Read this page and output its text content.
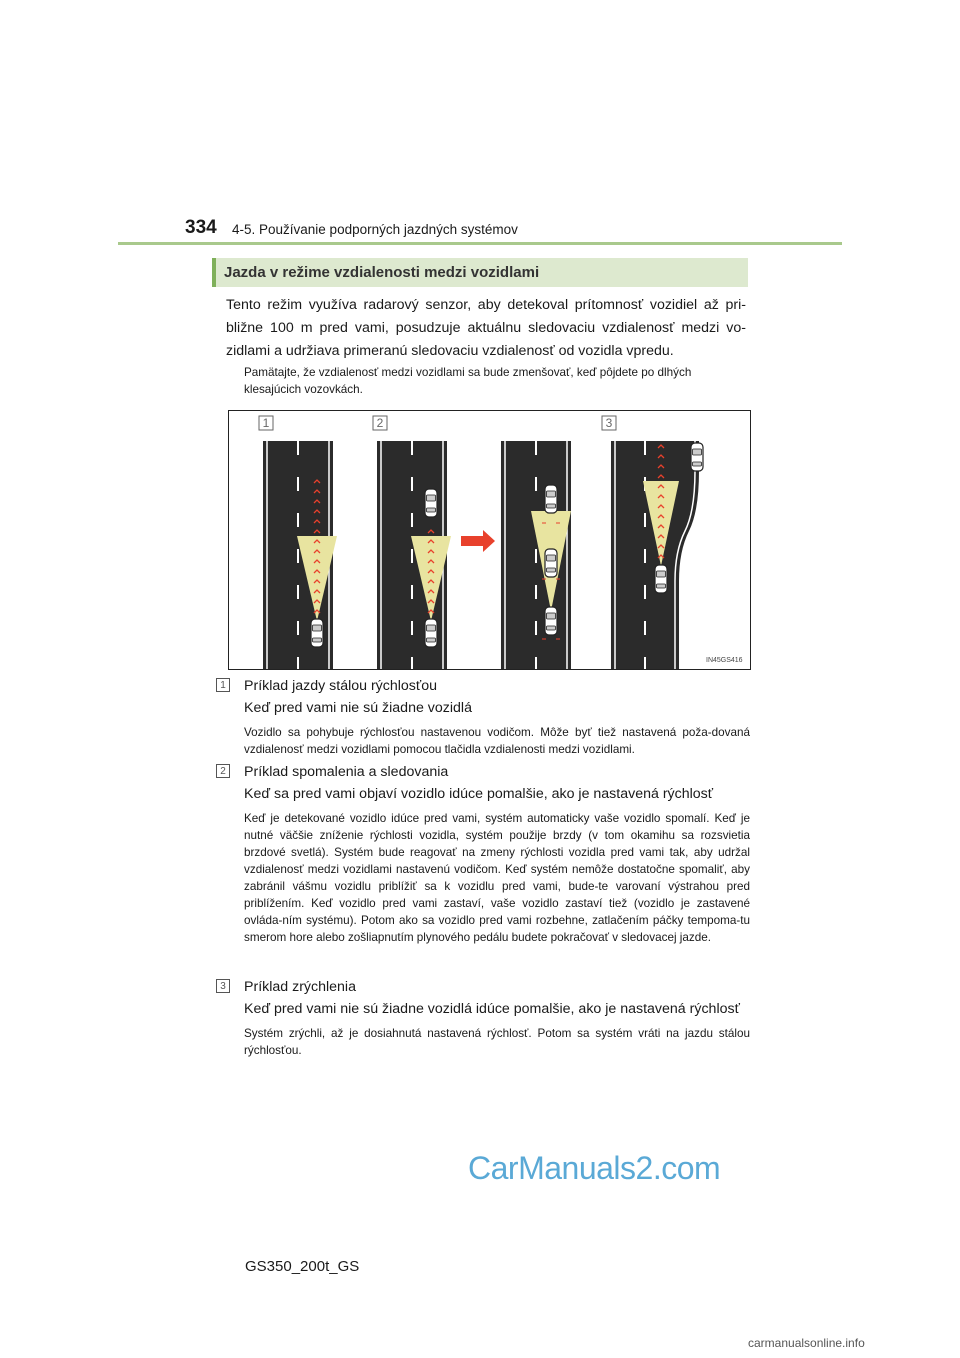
334 4-5. Používanie podporných jazdných systémov
Jazda v režime vzdialenosti medzi vozidlami
Tento režim využíva radarový senzor, aby detekoval prítomnosť vozidiel až pri-bližne 100 m pred vami, posudzuje aktuálnu sledovaciu vzdialenosť medzi vo-zidlami a udržiava primeranú sledovaciu vzdialenosť od vozidla vpredu.
Pamätajte, že vzdialenosť medzi vozidlami sa bude zmenšovať, keď pôjdete po dlhých klesajúcich vozovkách.
1	2	3
IN45GS416
1 Príklad jazdy stálou rýchlosťou
Keď pred vami nie sú žiadne vozidlá
Vozidlo sa pohybuje rýchlosťou nastavenou vodičom. Môže byť tiež nastavená poža-dovaná vzdialenosť medzi vozidlami pomocou tlačidla vzdialenosti medzi vozidlami.
2 Príklad spomalenia a sledovania
Keď sa pred vami objaví vozidlo idúce pomalšie, ako je nastavená rýchlosť
Keď je detekované vozidlo idúce pred vami, systém automaticky vaše vozidlo spomalí. Keď je nutné väčšie zníženie rýchlosti vozidla, systém použije brzdy (v tom okamihu sa rozsvietia brzdové svetlá). Systém bude reagovať na zmeny rýchlosti vozidla pred vami tak, aby udržal vzdialenosť medzi vozidlami nastavenú vodičom. Keď systém nemôže dostatočne spomaliť, aby zabránil vášmu vozidlu priblížiť sa k vozidlu pred vami, bude-te varovaní výstrahou pred priblížením. Keď vozidlo pred vami zastaví, vaše vozidlo zastaví tiež (vozidlo je zastavené ovláda-ním systému). Potom ako sa vozidlo pred vami rozbehne, zatlačením páčky tempoma-tu smerom hore alebo zošliapnutím plynového pedálu budete pokračovať v sledovacej jazde.
3 Príklad zrýchlenia
Keď pred vami nie sú žiadne vozidlá idúce pomalšie, ako je nastavená rýchlosť
Systém zrýchli, až je dosiahnutá nastavená rýchlosť. Potom sa systém vráti na jazdu stálou rýchlosťou.
CarManuals2.com
GS350_200t_GS
carmanualsonline.info
